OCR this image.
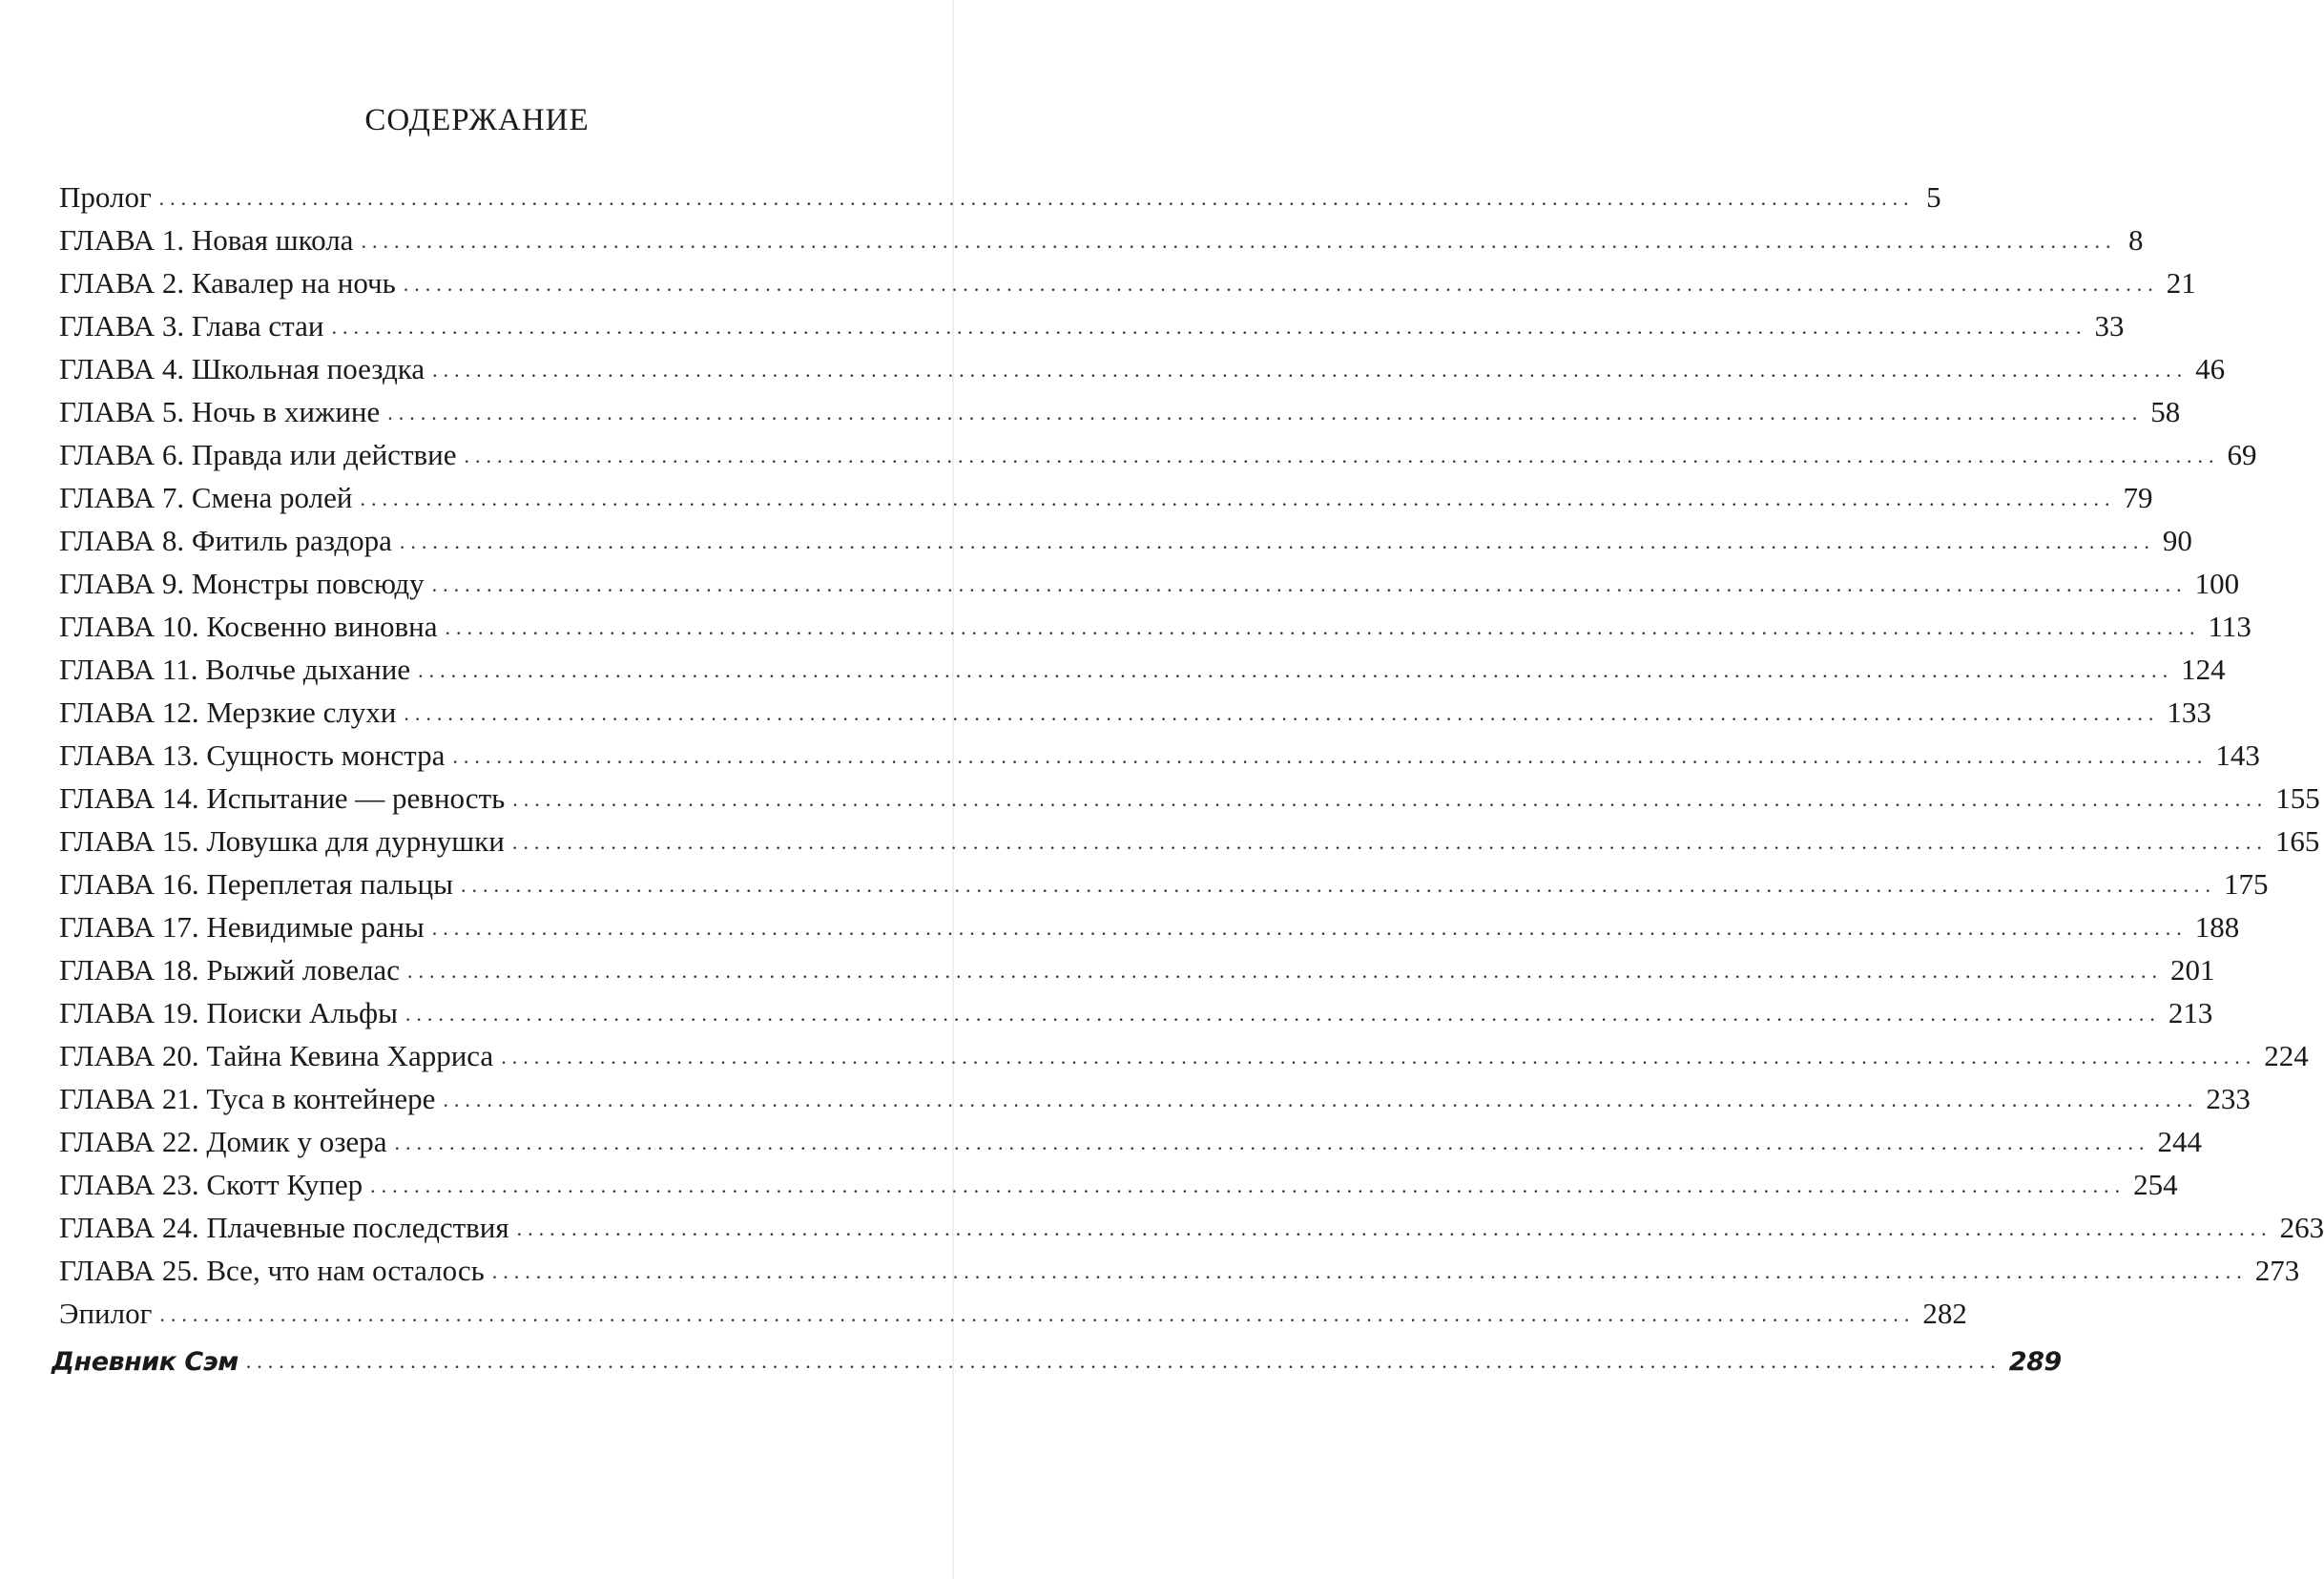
СОДЕРЖАНИЕ
Пролог ................................................................................................................................................................ 5
ГЛАВА 1. Новая школа ................................................................................................................................................................ 8
ГЛАВА 2. Кавалер на ночь ................................................................................................................................................................ 21
ГЛАВА 3. Глава стаи ................................................................................................................................................................ 33
ГЛАВА 4. Школьная поездка ................................................................................................................................................................ 46
ГЛАВА 5. Ночь в хижине ................................................................................................................................................................ 58
ГЛАВА 6. Правда или действие ................................................................................................................................................................ 69
ГЛАВА 7. Смена ролей ................................................................................................................................................................ 79
ГЛАВА 8. Фитиль раздора ................................................................................................................................................................ 90
ГЛАВА 9. Монстры повсюду ................................................................................................................................................................ 100
ГЛАВА 10. Косвенно виновна ................................................................................................................................................................ 113
ГЛАВА 11. Волчье дыхание ................................................................................................................................................................ 124
ГЛАВА 12. Мерзкие слухи ................................................................................................................................................................ 133
ГЛАВА 13. Сущность монстра ................................................................................................................................................................ 143
ГЛАВА 14. Испытание — ревность ................................................................................................................................................................ 155
ГЛАВА 15. Ловушка для дурнушки ................................................................................................................................................................ 165
ГЛАВА 16. Переплетая пальцы ................................................................................................................................................................ 175
ГЛАВА 17. Невидимые раны ................................................................................................................................................................ 188
ГЛАВА 18. Рыжий ловелас ................................................................................................................................................................ 201
ГЛАВА 19. Поиски Альфы ................................................................................................................................................................ 213
ГЛАВА 20. Тайна Кевина Харриса ................................................................................................................................................................ 224
ГЛАВА 21. Туса в контейнере ................................................................................................................................................................ 233
ГЛАВА 22. Домик у озера ................................................................................................................................................................ 244
ГЛАВА 23. Скотт Купер ................................................................................................................................................................ 254
ГЛАВА 24. Плачевные последствия ................................................................................................................................................................ 263
ГЛАВА 25. Все, что нам осталось ................................................................................................................................................................ 273
Эпилог ................................................................................................................................................................ 282
Дневник Сэм ................................................................................................................................................................ 289
